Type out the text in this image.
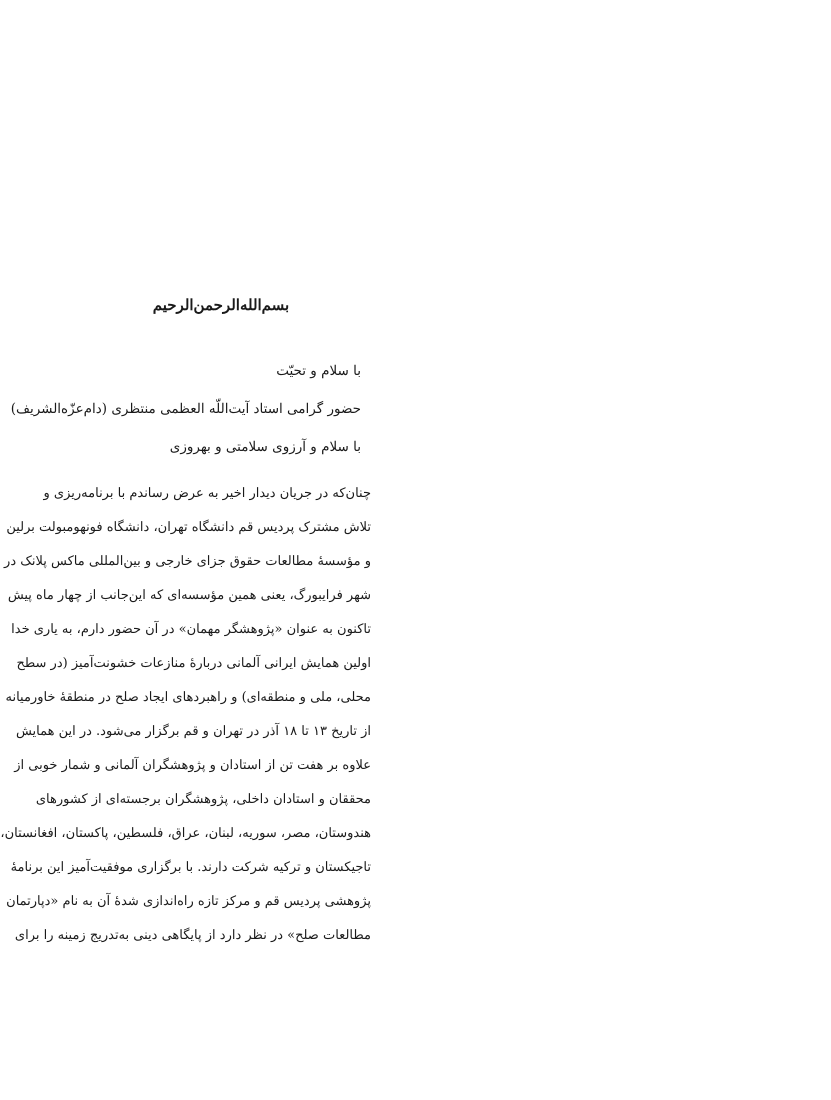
بسم‌الله‌الرحمن‌الرحیم
با سلام و تحیّت
حضور گرامی استاد آیت‌اللّه العظمی منتظری (دام‌عزّه‌الشریف)
با سلام و آرزوی سلامتی و بهروزی
چنان‌که در جریان دیدار اخیر به عرض رساندم با برنامه‌ریزی و
تلاش مشترک پردیس قم دانشگاه تهران، دانشگاه فونهومبولت برلین
و مؤسسهٔ مطالعات حقوق جزای خارجی و بین‌المللی ماکس پلانک در
شهر فرایبورگ، یعنی همین مؤسسه‌ای که این‌جانب از چهار ماه پیش
تاکنون به عنوان «پژوهشگر مهمان» در آن حضور دارم، به یاری خدا
اولین همایش ایرانی آلمانی دربارهٔ منازعات خشونت‌آمیز (در سطح
محلی، ملی و منطقه‌ای) و راهبردهای ایجاد صلح در منطقهٔ خاورمیانه
از تاریخ ۱۳ تا ۱۸ آذر در تهران و قم برگزار می‌شود. در این همایش
علاوه بر هفت تن از استادان و پژوهشگران آلمانی و شمار خوبی از
محققان و استادان داخلی، پژوهشگران برجسته‌ای از کشورهای
هندوستان، مصر، سوریه، لبنان، عراق، فلسطین، پاکستان، افغانستان،
تاجیکستان و ترکیه شرکت دارند. با برگزاری موفقیت‌آمیز این برنامهٔ
پژوهشی پردیس قم و مرکز تازه راه‌اندازی شدهٔ آن به نام «دپارتمان
مطالعات صلح» در نظر دارد از پایگاهی دینی به‌تدریج زمینه را برای
